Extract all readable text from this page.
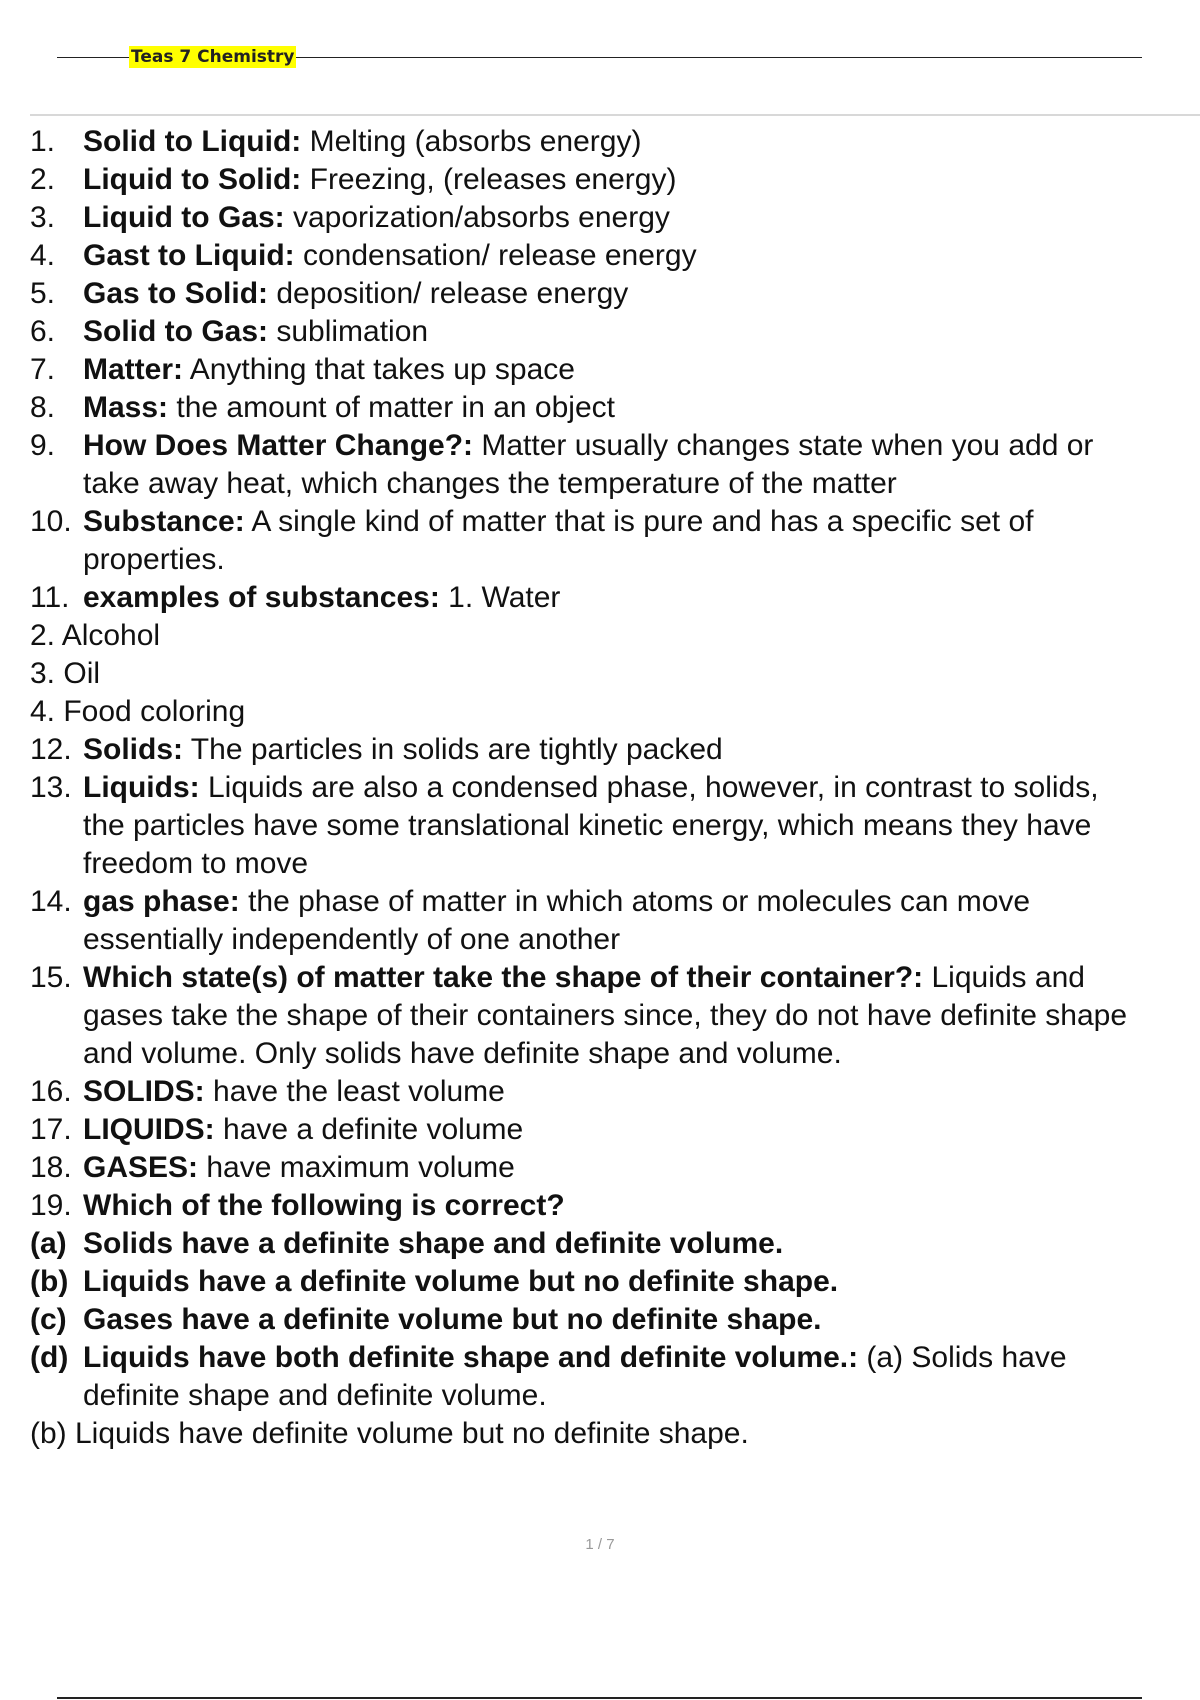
Teas 7 Chemistry
1. Solid to Liquid: Melting (absorbs energy)
2. Liquid to Solid: Freezing, (releases energy)
3. Liquid to Gas: vaporization/absorbs energy
4. Gast to Liquid: condensation/ release energy
5. Gas to Solid: deposition/ release energy
6. Solid to Gas: sublimation
7. Matter: Anything that takes up space
8. Mass: the amount of matter in an object
9. How Does Matter Change?: Matter usually changes state when you add or
take away heat, which changes the temperature of the matter
10. Substance: A single kind of matter that is pure and has a specific set of
properties.
11. examples of substances: 1. Water
2. Alcohol
3. Oil
4. Food coloring
12. Solids: The particles in solids are tightly packed
13. Liquids: Liquids are also a condensed phase, however, in contrast to solids,
the particles have some translational kinetic energy, which means they have
freedom to move
14. gas phase: the phase of matter in which atoms or molecules can move
essentially independently of one another
15. Which state(s) of matter take the shape of their container?: Liquids and
gases take the shape of their containers since, they do not have definite shape
and volume. Only solids have definite shape and volume.
16. SOLIDS: have the least volume
17. LIQUIDS: have a definite volume
18. GASES: have maximum volume
19. Which of the following is correct?
(a) Solids have a definite shape and definite volume.
(b) Liquids have a definite volume but no definite shape.
(c) Gases have a definite volume but no definite shape.
(d) Liquids have both definite shape and definite volume.: (a) Solids have
definite shape and definite volume.
(b) Liquids have definite volume but no definite shape.
1 / 7
